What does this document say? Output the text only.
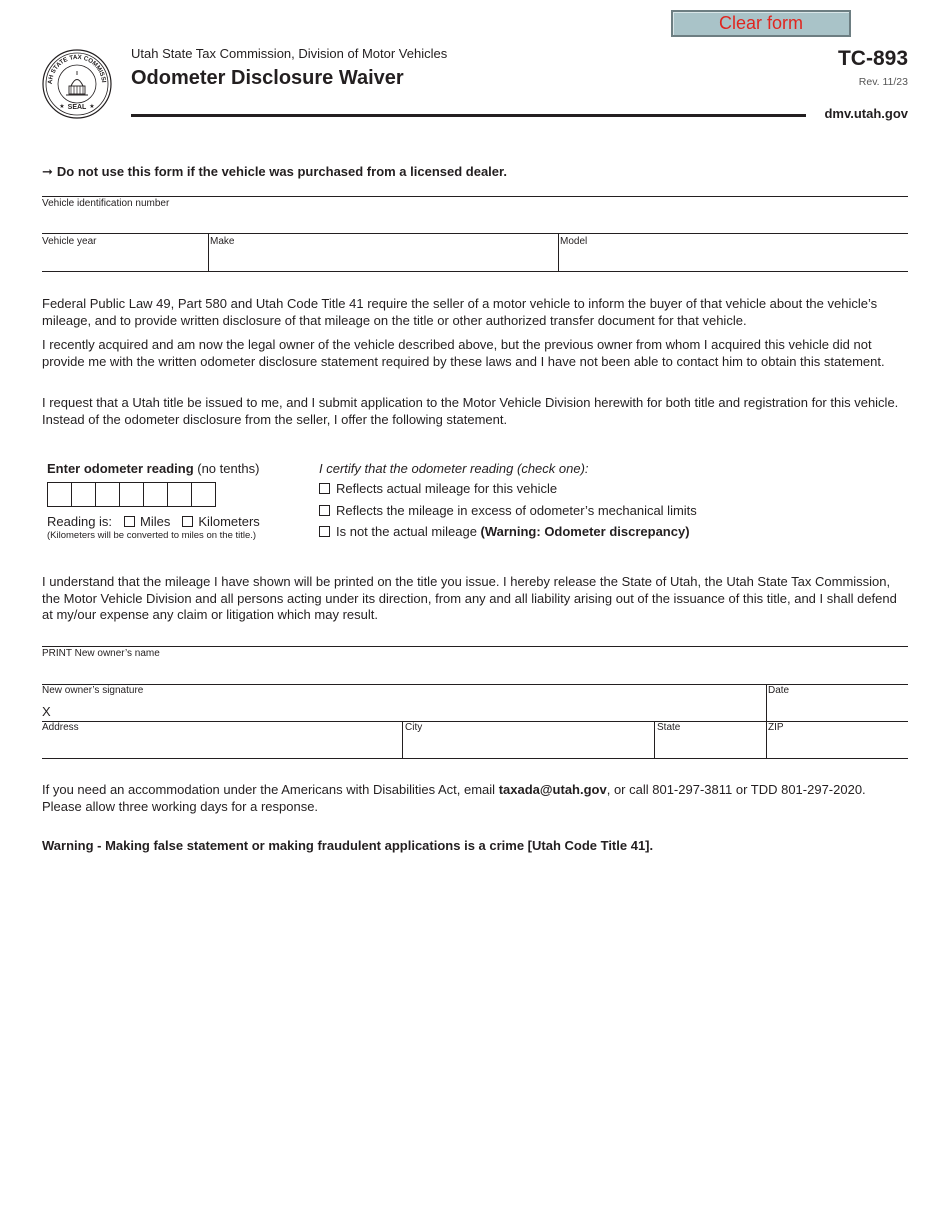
Clear form
AH STATE TAX COMMISSI
SEAL
★	★
Utah State Tax Commission, Division of Motor Vehicles
Odometer Disclosure Waiver
TC-893
Rev. 11/23
dmv.utah.gov
➞ Do not use this form if the vehicle was purchased from a licensed dealer.
Vehicle identification number
Vehicle year	Make	Model
Federal Public Law 49, Part 580 and Utah Code Title 41 require the seller of a motor vehicle to inform the buyer of that vehicle about the vehicle’s mileage, and to provide written disclosure of that mileage on the title or other authorized transfer document for that vehicle.
I recently acquired and am now the legal owner of the vehicle described above, but the previous owner from whom I acquired this vehicle did not provide me with the written odometer disclosure statement required by these laws and I have not been able to contact him to obtain this statement.
I request that a Utah title be issued to me, and I submit application to the Motor Vehicle Division herewith for both title and registration for this vehicle. Instead of the odometer disclosure from the seller, I offer the following statement.
Enter odometer reading (no tenths)
Reading is: Miles Kilometers
(Kilometers will be converted to miles on the title.)
I certify that the odometer reading (check one):
Reflects actual mileage for this vehicle
Reflects the mileage in excess of odometer’s mechanical limits
Is not the actual mileage (Warning: Odometer discrepancy)
I understand that the mileage I have shown will be printed on the title you issue. I hereby release the State of Utah, the Utah State Tax Commission, the Motor Vehicle Division and all persons acting under its direction, from any and all liability arising out of the issuance of this title, and I shall defend at my/our expense any claim or litigation which may result.
PRINT New owner’s name
New owner’s signature
X
Date
Address	City	State	ZIP
If you need an accommodation under the Americans with Disabilities Act, email taxada@utah.gov, or call 801-297-3811 or TDD 801-297-2020. Please allow three working days for a response.
Warning - Making false statement or making fraudulent applications is a crime [Utah Code Title 41].
